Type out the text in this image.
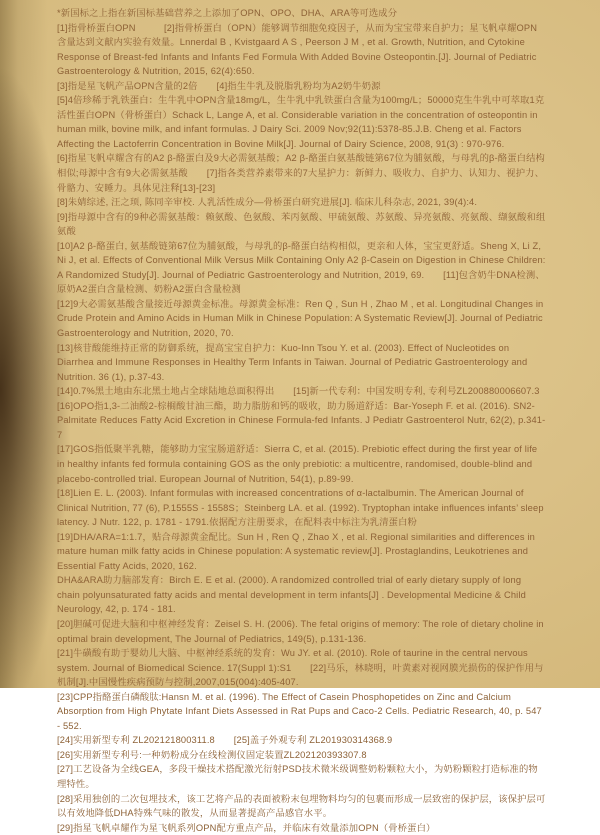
*新国标之上指在新国标基础营养之上添加了OPN、OPO、DHA、ARA等可选成分

[1]指骨桥蛋白OPN　　　[2]指骨桥蛋白（OPN）能够调节细胞免疫因子，从而为宝宝带来自护力；星飞帆卓耀OPN含量达到文献内实验有效量。Lnnerdal B , Kvistgaard A S , Peerson J M , et al. Growth, Nutrition, and Cytokine Response of Breast-fed Infants and Infants Fed Formula With Added Bovine Osteopontin.[J]. Journal of Pediatric Gastroenterology & Nutrition, 2015, 62(4):650.

[3]指是星飞帆产品OPN含量的2倍　　[4]指生牛乳及脱脂乳粉均为A2奶牛奶源

[5]4倍珍稀于乳铁蛋白：生牛乳中OPN含量18mg/L，生牛乳中乳铁蛋白含量为100mg/L；50000克生牛乳中可萃取1克活性蛋白OPN（骨桥蛋白）Schack L, Lange A, et al. Considerable variation in the concentration of osteopontin in human milk, bovine milk, and infant formulas. J Dairy Sci. 2009 Nov;92(11):5378-85.J.B. Cheng et al. Factors Affecting the Lactoferrin Concentration in Bovine Milk[J]. Journal of Dairy Science, 2008, 91(3) : 970-976.

[6]指星飞帆卓耀含有的A2 β-酪蛋白及9大必需氨基酸；A2 β-酪蛋白氨基酸链第67位为脯氨酸，与母乳的β-酪蛋白结构相似;母源中含有9大必需氨基酸　　[7]指各类营养素带来的7大星护力：新鲜力、吸收力、自护力、认知力、视护力、骨骼力、安睡力。具体见注释[13]-[23]

[8]朱婧综述, 汪之顼, 陈同辛审校. 人乳活性成分—骨桥蛋白研究进展[J]. 临床儿科杂志, 2021, 39(4):4.

[9]指母源中含有的9种必需氨基酸：赖氨酸、色氨酸、苯丙氨酸、甲硫氨酸、苏氨酸、异亮氨酸、亮氨酸、缬氨酸和组氨酸

[10]A2 β-酪蛋白, 氨基酸链第67位为脯氨酸，与母乳的β-酪蛋白结构相似，更亲和人体，宝宝更舒适。Sheng X, Li Z, Ni J, et al. Effects of Conventional Milk Versus Milk Containing Only A2 β-Casein on Digestion in Chinese Children: A Randomized Study[J]. Journal of Pediatric Gastroenterology and Nutrition, 2019, 69.　　[11]包含奶牛DNA检测、原奶A2蛋白含量检测、奶粉A2蛋白含量检测

[12]9大必需氨基酸含量接近母源黄金标准。母源黄金标准：Ren Q , Sun H , Zhao M , et al. Longitudinal Changes in Crude Protein and Amino Acids in Human Milk in Chinese Population: A Systematic Review[J]. Journal of Pediatric Gastroenterology and Nutrition, 2020, 70.

[13]核苷酸能维持正常的防御系统，提高宝宝自护力：Kuo-Inn Tsou Y. et al. (2003). Effect of Nucleotides on Diarrhea and Immune Responses in Healthy Term Infants in Taiwan. Journal of Pediatric Gastroenterology and Nutrition. 36 (1), p.37-43.

[14]0.7%黑土地由东北黑土地占全球陆地总面积得出　　[15]新一代专利：中国发明专利, 专利号ZL200880006607.3

[16]OPO指1,3-二油酸2-棕榈酸甘油三酯，助力脂肪和钙的吸收，助力肠道舒适：Bar-Yoseph F. et al. (2016). SN2-Palmitate Reduces Fatty Acid Excretion in Chinese Formula-fed Infants. J Pediatr Gastroenterol Nutr, 62(2), p.341-7

[17]GOS指低聚半乳糖，能够助力宝宝肠道舒适：Sierra C, et al. (2015). Prebiotic effect during the first year of life in healthy infants fed formula containing GOS as the only prebiotic: a multicentre, randomised, double-blind and placebo-controlled trial. European Journal of Nutrition, 54(1), p.89-99.

[18]Lien E. L. (2003). Infant formulas with increased concentrations of α-lactalbumin. The American Journal of Clinical Nutrition, 77 (6), P.1555S - 1558S；Steinberg LA. et al. (1992). Tryptophan intake influences infants’ sleep latency. J Nutr. 122, p. 1781 - 1791.依据配方注册要求，在配料表中标注为乳清蛋白粉

[19]DHA/ARA=1:1.7，贴合母源黄金配比。Sun H , Ren Q , Zhao X , et al. Regional similarities and differences in mature human milk fatty acids in Chinese population: A systematic review[J]. Prostaglandins, Leukotrienes and Essential Fatty Acids, 2020, 162.

DHA&ARA助力脑部发育：Birch E. E et al. (2000). A randomized controlled trial of early dietary supply of long chain polyunsaturated fatty acids and mental development in term infants[J] . Developmental Medicine & Child Neurology, 42, p. 174 - 181.

[20]胆碱可促进大脑和中枢神经发育：Zeisel S. H. (2006). The fetal origins of memory: The role of dietary choline in optimal brain development, The Journal of Pediatrics, 149(5), p.131-136.

[21]牛磺酸有助于婴幼儿大脑、中枢神经系统的发育：Wu JY. et al. (2010). Role of taurine in the central nervous system. Journal of Biomedical Science. 17(Suppl 1):S1　　[22]马乐，林晓明，叶黄素对视网膜光损伤的保护作用与机制[J].中国慢性疾病预防与控制,2007,015(004):405-407.

[23]CPP指酪蛋白磷酸肽:Hansn M. et al. (1996). The Effect of Casein Phosphopetides on Zinc and Calcium Absorption from High Phytate Infant Diets Assessed in Rat Pups and Caco-2 Cells. Pediatric Research, 40, p. 547 - 552.

[24]实用新型专利 ZL202121800311.8　　[25]盖子外观专利 ZL201930314368.9

[26]实用新型专利号:一种奶粉成分在线检测仪固定装置ZL202120393307.8

[27]工艺设备为全线GEA，多段干燥技术搭配激光衍射PSD技术微米级调整奶粉颗粒大小，为奶粉颗粒打造标准的物理特性。

[28]采用独创的二次包埋技术，该工艺将产品的表面被粉末包埋物料均匀的包裹而形成一层致密的保护层，该保护层可以有效地降低DHA特殊气味的散发，从而显著提高产品感官水平。

[29]指星飞帆卓耀作为星飞帆系列OPN配方重点产品，并临床有效量添加OPN（骨桥蛋白）
